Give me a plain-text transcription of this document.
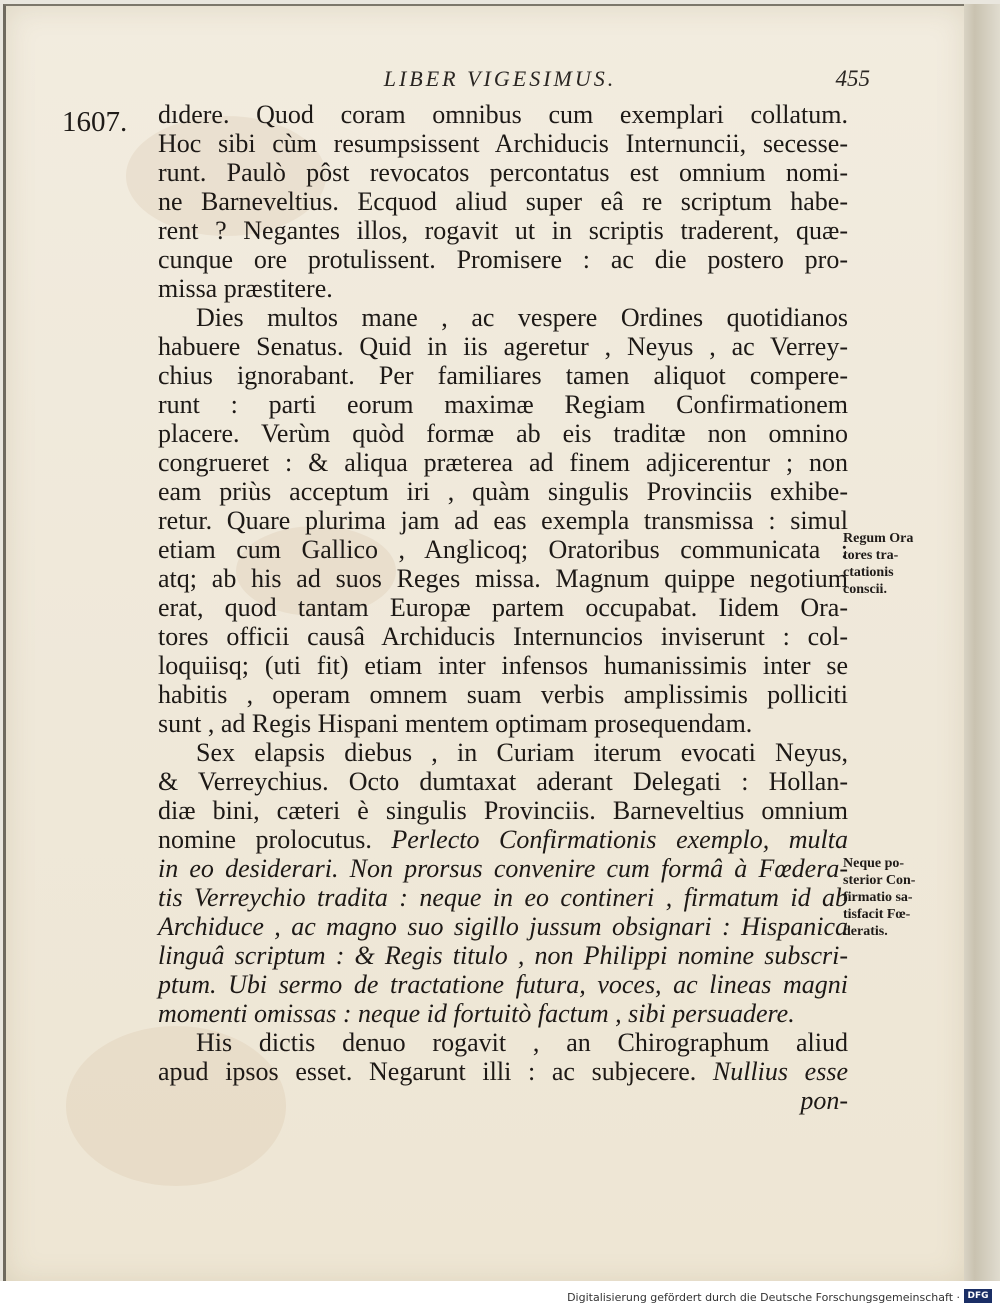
LIBER VIGESIMUS.	455
1607. dıdere. Quod coram omnibus cum exemplari collatum.
Hoc sibi cùm resumpsissent Archiducis Internuncii, secesse-
runt. Paulò pôst revocatos percontatus est omnium nomi-
ne Barneveltius. Ecquod aliud super eâ re scriptum habe-
rent ? Negantes illos, rogavit ut in scriptis traderent, quæ-
cunque ore protulissent. Promisere : ac die postero pro-
missa præstitere.
Dies multos mane , ac vespere Ordines quotidianos
habuere Senatus. Quid in iis ageretur , Neyus , ac Verrey-
chius ignorabant. Per familiares tamen aliquot compere-
runt : parti eorum maximæ Regiam Confirmationem
placere. Verùm quòd formæ ab eis traditæ non omnino
congrueret : & aliqua præterea ad finem adjicerentur ; non
eam priùs acceptum iri , quàm singulis Provinciis exhibe-
retur. Quare plurima jam ad eas exempla transmissa : simul
etiam cum Gallico , Anglicoq; Oratoribus communicata :
atq; ab his ad suos Reges missa. Magnum quippe negotium
erat, quod tantam Europæ partem occupabat. Iidem Ora-
tores officii causâ Archiducis Internuncios inviserunt : col-
loquiisq; (uti fit) etiam inter infensos humanissimis inter se
habitis , operam omnem suam verbis amplissimis polliciti
sunt , ad Regis Hispani mentem optimam prosequendam.
Sex elapsis diebus , in Curiam iterum evocati Neyus,
& Verreychius. Octo dumtaxat aderant Delegati : Hollan-
diæ bini, cæteri è singulis Provinciis. Barneveltius omnium
nomine prolocutus. Perlecto Confirmationis exemplo, multa
in eo desiderari. Non prorsus convenire cum formâ à Fœdera-
tis Verreychio tradita : neque in eo contineri , firmatum id ab
Archiduce , ac magno suo sigillo jussum obsignari : Hispanica
linguâ scriptum : & Regis titulo , non Philippi nomine subscri-
ptum. Ubi sermo de tractatione futura, voces, ac lineas magni
momenti omissas : neque id fortuitò factum , sibi persuadere.
His dictis denuo rogavit , an Chirographum aliud
apud ipsos esset. Negarunt illi : ac subjecere. Nullius esse
pon-
Regum Ora
tores tra-
ctationis
conscii.
Neque po-
sterior Con-
firmatio sa-
tisfacit Fœ-
deratis.
Digitalisierung gefördert durch die Deutsche Forschungsgemeinschaft · DFG
